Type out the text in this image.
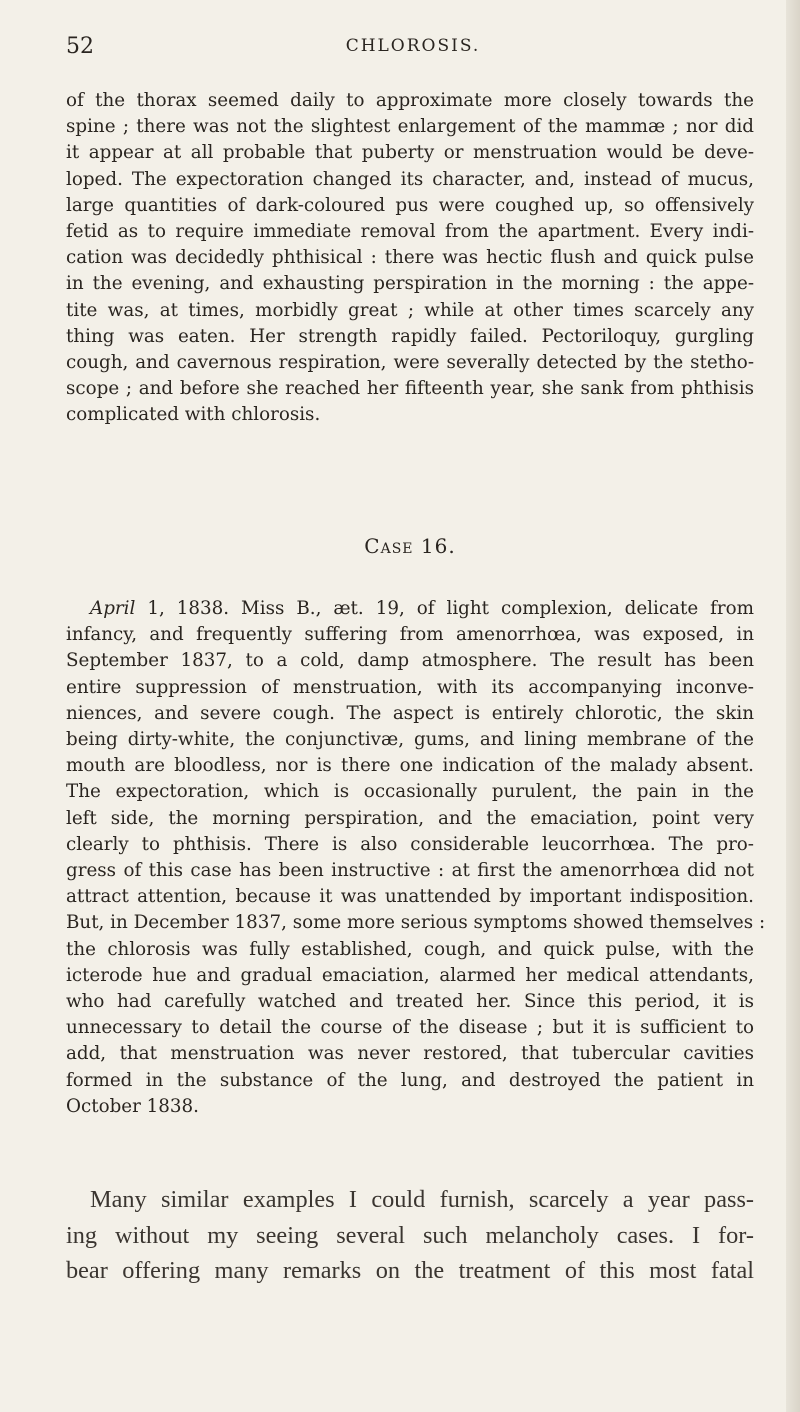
52	CHLOROSIS.

of the thorax seemed daily to approximate more closely towards the
spine ; there was not the slightest enlargement of the mammæ ; nor did
it appear at all probable that puberty or menstruation would be deve-
loped. The expectoration changed its character, and, instead of mucus,
large quantities of dark-coloured pus were coughed up, so offensively
fetid as to require immediate removal from the apartment. Every indi-
cation was decidedly phthisical : there was hectic flush and quick pulse
in the evening, and exhausting perspiration in the morning : the appe-
tite was, at times, morbidly great ; while at other times scarcely any
thing was eaten. Her strength rapidly failed. Pectoriloquy, gurgling
cough, and cavernous respiration, were severally detected by the stetho-
scope ; and before she reached her fifteenth year, she sank from phthisis
complicated with chlorosis.

Case 16.

April 1, 1838. Miss B., æt. 19, of light complexion, delicate from
infancy, and frequently suffering from amenorrhœa, was exposed, in
September 1837, to a cold, damp atmosphere. The result has been
entire suppression of menstruation, with its accompanying inconve-
niences, and severe cough. The aspect is entirely chlorotic, the skin
being dirty-white, the conjunctivæ, gums, and lining membrane of the
mouth are bloodless, nor is there one indication of the malady absent.
The expectoration, which is occasionally purulent, the pain in the
left side, the morning perspiration, and the emaciation, point very
clearly to phthisis. There is also considerable leucorrhœa. The pro-
gress of this case has been instructive : at first the amenorrhœa did not
attract attention, because it was unattended by important indisposition.
But, in December 1837, some more serious symptoms showed themselves :
the chlorosis was fully established, cough, and quick pulse, with the
icterode hue and gradual emaciation, alarmed her medical attendants,
who had carefully watched and treated her. Since this period, it is
unnecessary to detail the course of the disease ; but it is sufficient to
add, that menstruation was never restored, that tubercular cavities
formed in the substance of the lung, and destroyed the patient in
October 1838.

Many similar examples I could furnish, scarcely a year pass-
ing without my seeing several such melancholy cases. I for-
bear offering many remarks on the treatment of this most fatal
